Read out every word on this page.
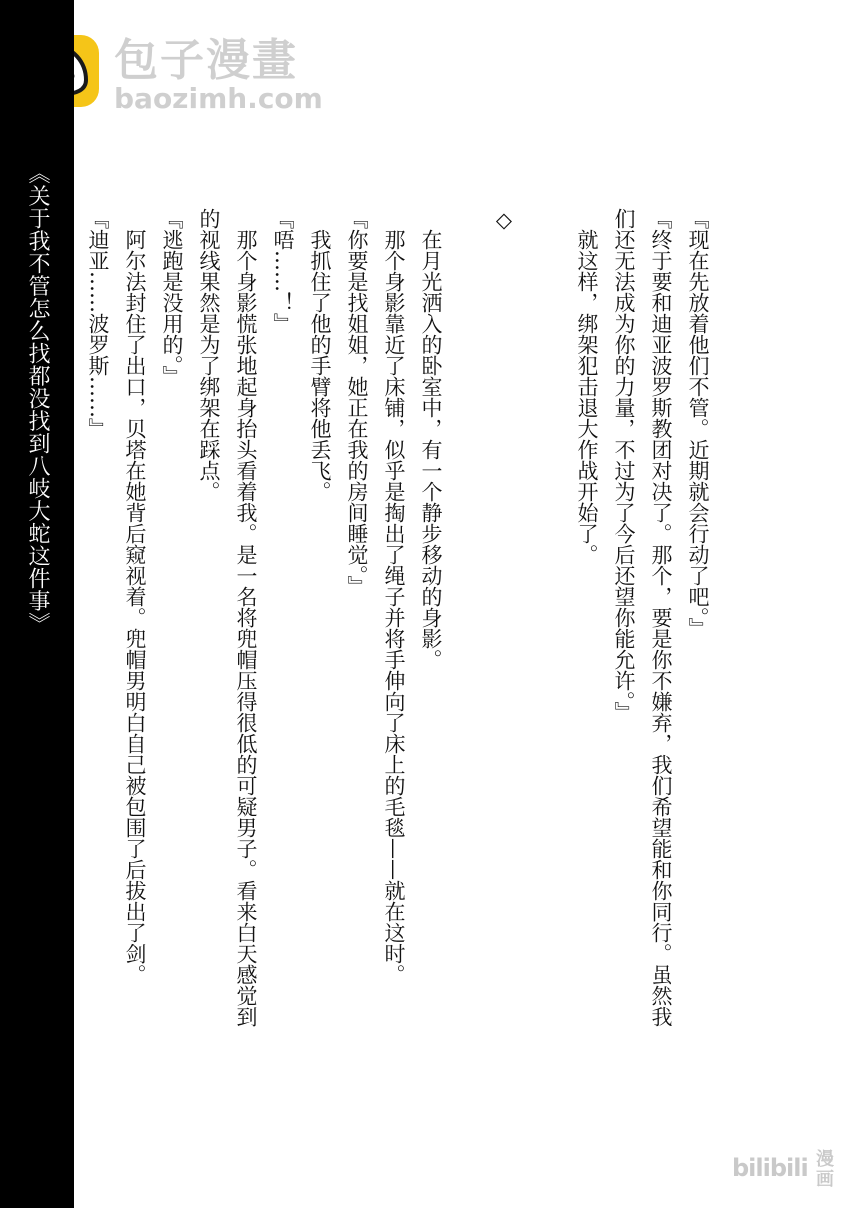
包子漫畫
baozimh.com
《关于我不管怎么找都没找到八岐大蛇这件事》	『现在先放着他们不管。近期就会行动了吧。』

『终于要和迪亚波罗斯教团对决了。那个，要是你不嫌弃，我们希望能和你同行。虽然我们还无法成为你的力量，不过为了今后还望你能允许。』

就这样，绑架犯击退大作战开始了。

◇

在月光洒入的卧室中，有一个静步移动的身影。

那个身影靠近了床铺，似乎是掏出了绳子并将手伸向了床上的毛毯——就在这时。

『你要是找姐姐，她正在我的房间睡觉。』

我抓住了他的手臂将他丢飞。

『唔……！』

那个身影慌张地起身抬头看着我。是一名将兜帽压得很低的可疑男子。看来白天感觉到的视线果然是为了绑架在踩点。

『逃跑是没用的。』

阿尔法封住了出口，贝塔在她背后窥视着。兜帽男明白自己被包围了后拔出了剑。

『迪亚……波罗斯……』

bilibili 漫画
